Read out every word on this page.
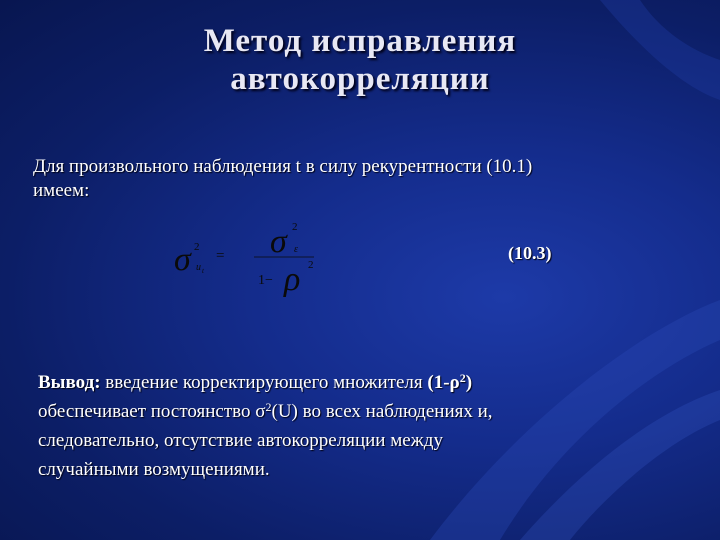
Метод исправления
автокорреляции
Для произвольного наблюдения t в силу рекурентности (10.1)
имеем:
σ 2
u t
= σ 2
ε
1− ρ 2
(10.3)
Вывод: введение корректирующего множителя $(1-\rho^2)$
обеспечивает постоянство $\sigma^2(U)$ во всех наблюдениях и,
следовательно, отсутствие автокорреляции между
случайными возмущениями.
